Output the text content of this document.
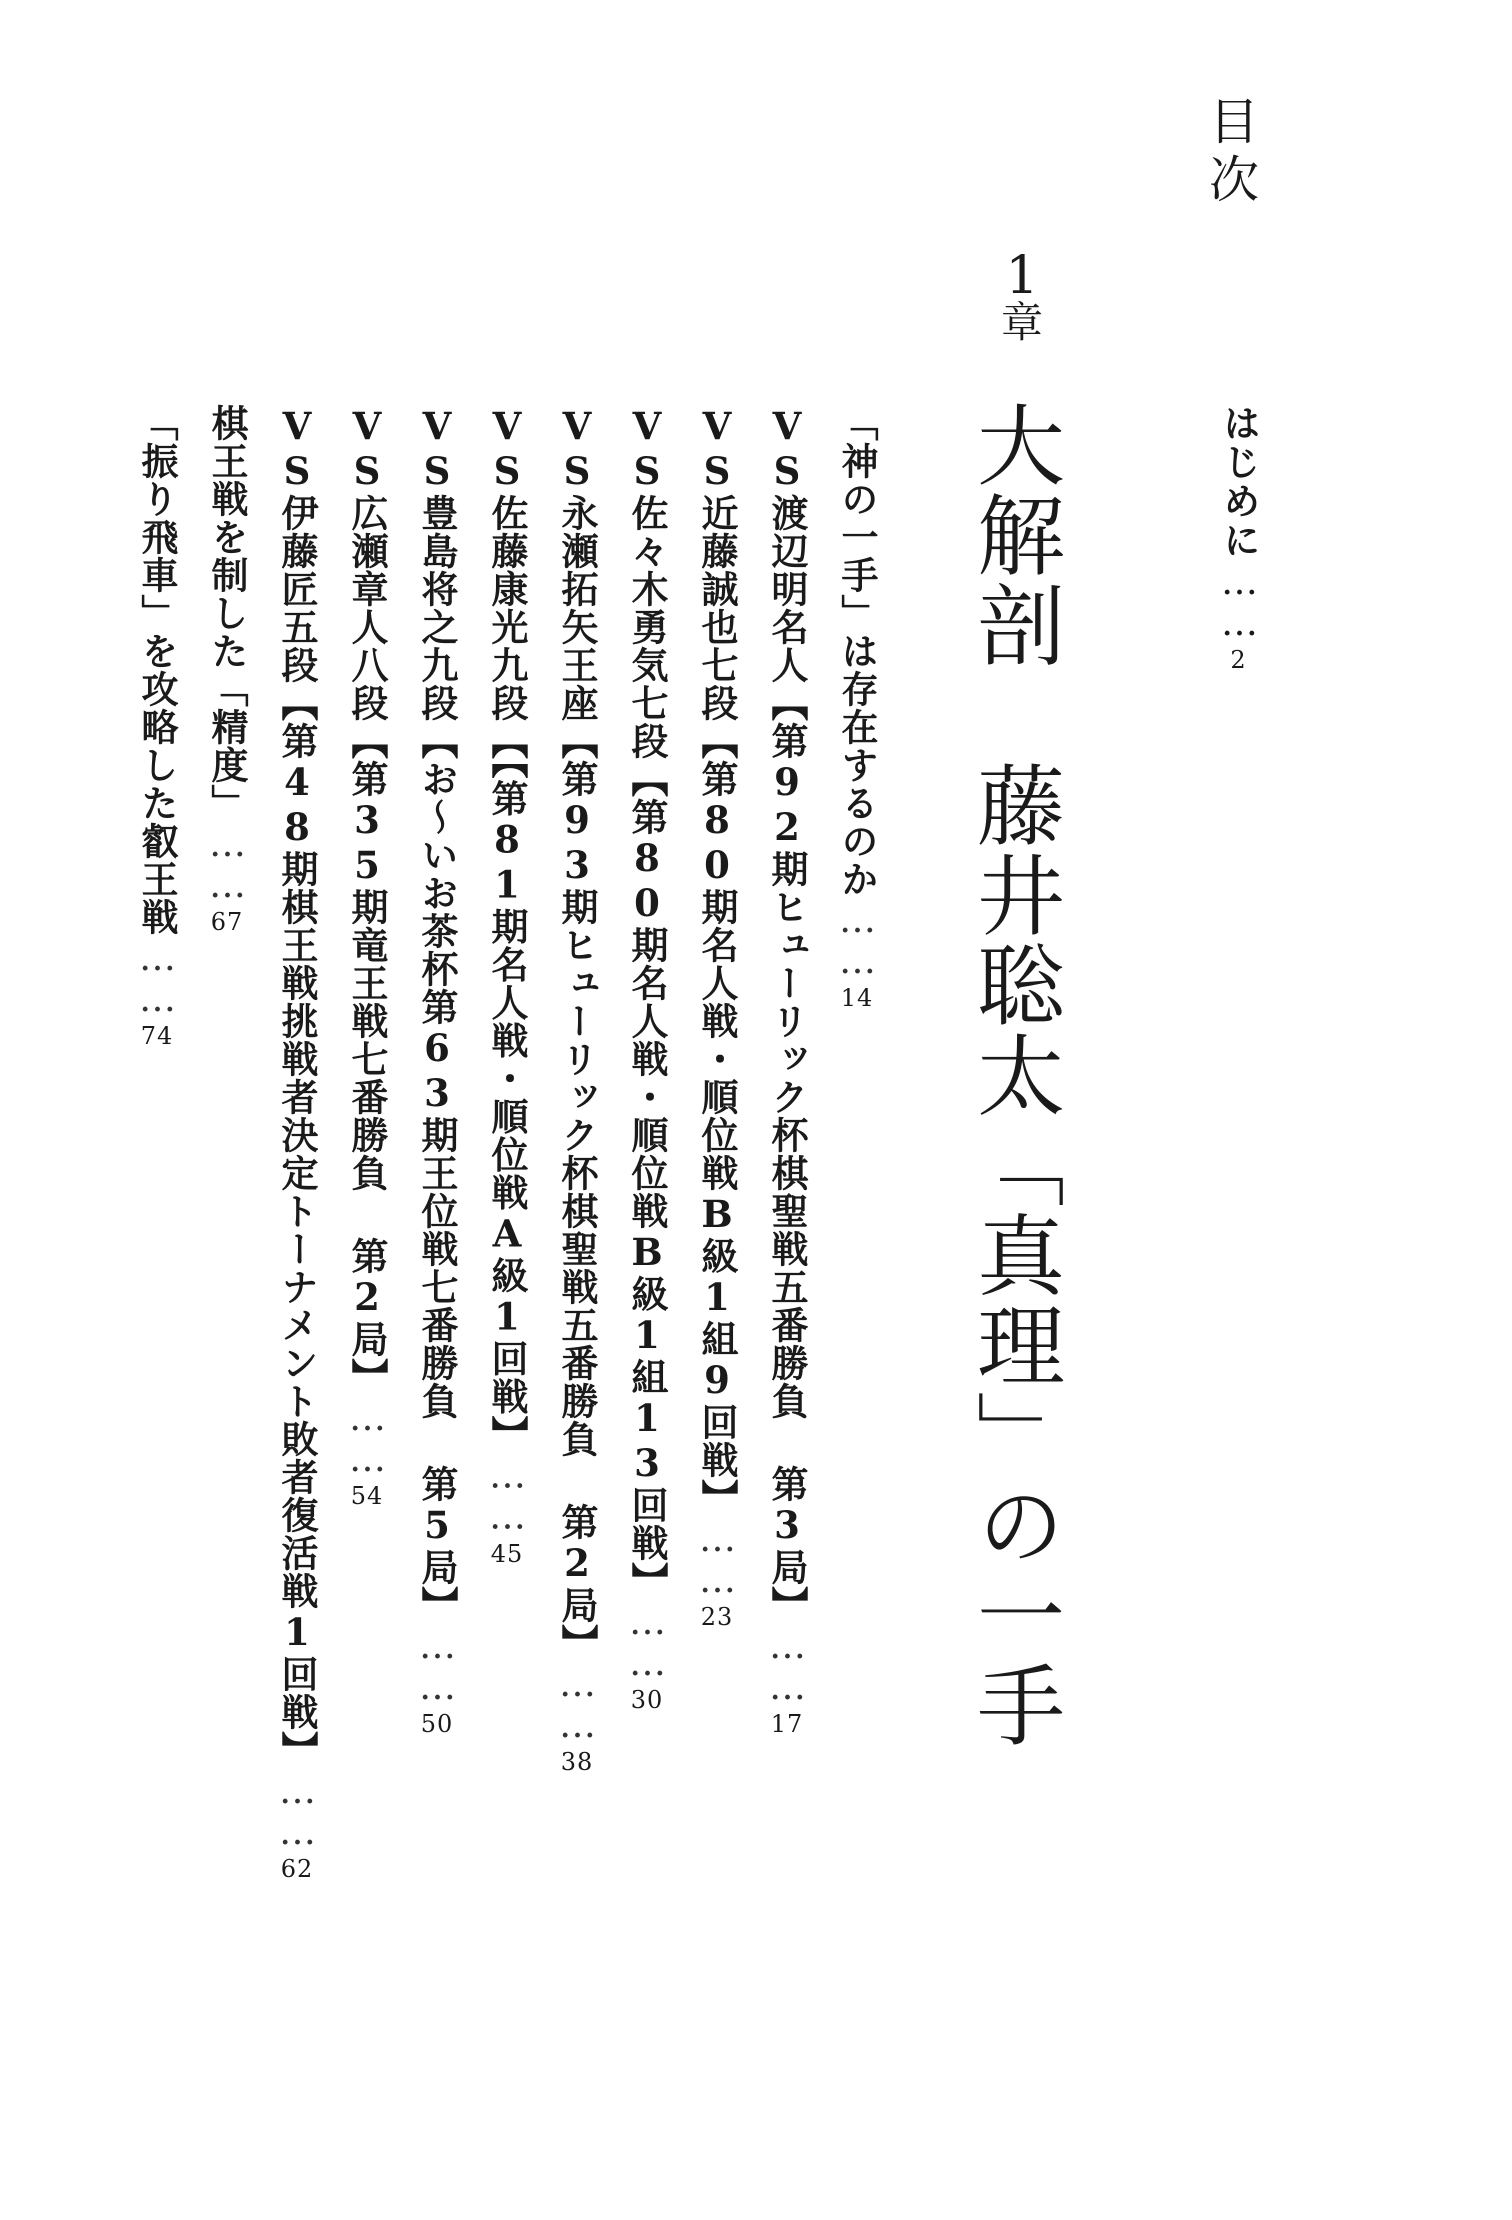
目次
はじめに……2
1
章
大解剖　藤井聡太「真理」の一手
「神の一手」は存在するのか……14
VS渡辺明名人【第92期ヒューリック杯棋聖戦五番勝負 第3局】……17
VS近藤誠也七段【第80期名人戦・順位戦B級1組9回戦】……23
VS佐々木勇気七段【第80期名人戦・順位戦B級1組13回戦】……30
VS永瀬拓矢王座【第93期ヒューリック杯棋聖戦五番勝負 第2局】……38
VS佐藤康光九段【【第81期名人戦・順位戦A級1回戦】……45
VS豊島将之九段【お～いお茶杯第63期王位戦七番勝負 第5局】……50
VS広瀬章人八段【第35期竜王戦七番勝負 第2局】……54
VS伊藤匠五段【第48期棋王戦挑戦者決定トーナメント敗者復活戦1回戦】……62
棋王戦を制した「精度」……67
「振り飛車」を攻略した叡王戦……74
